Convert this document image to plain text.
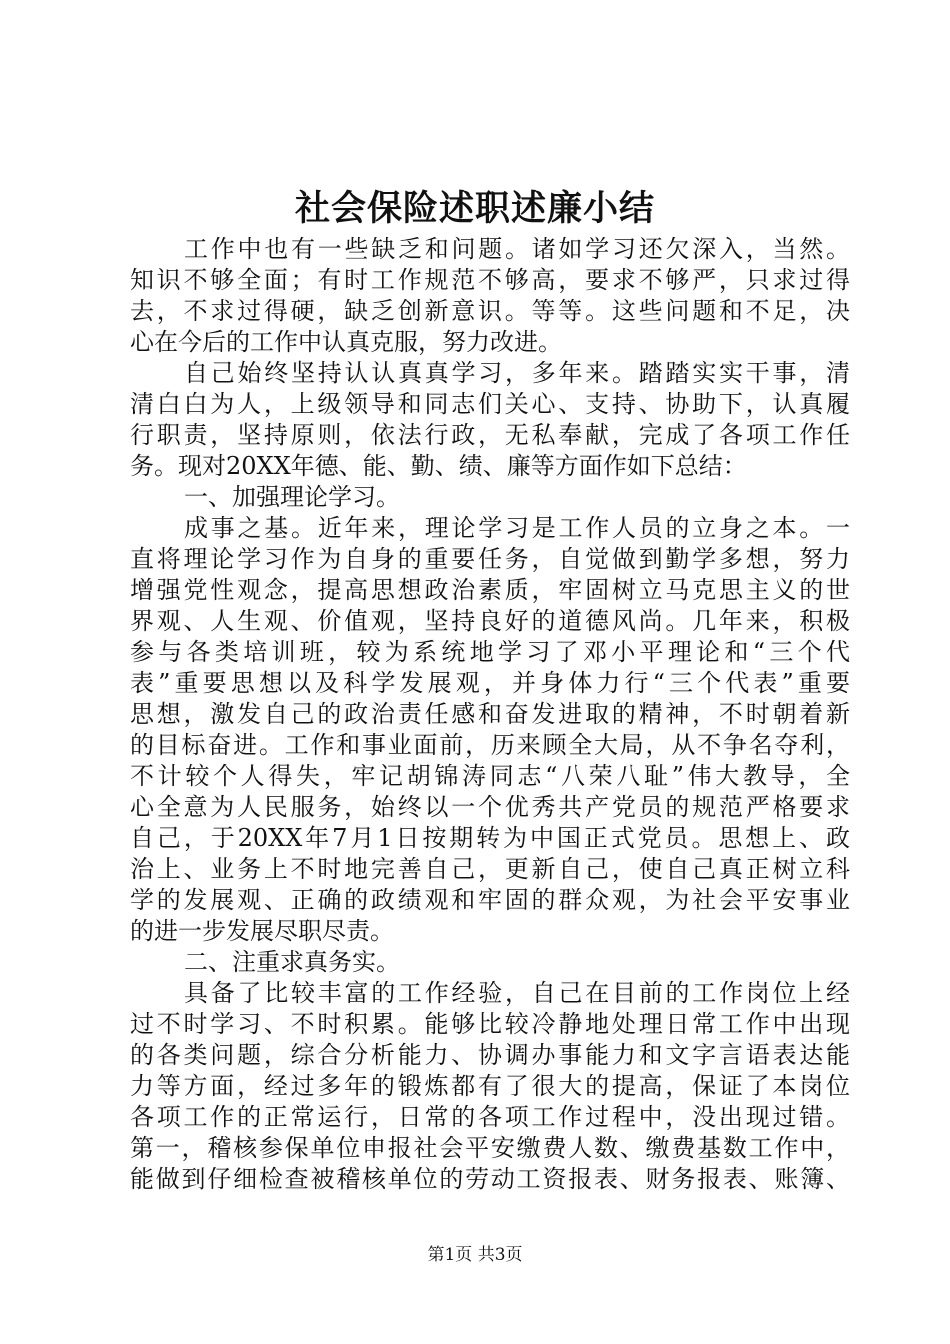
社会保险述职述廉小结
工作中也有一些缺乏和问题。诸如学习还欠深入，当然。
知识不够全面；有时工作规范不够高，要求不够严，只求过得
去，不求过得硬，缺乏创新意识。等等。这些问题和不足，决
心在今后的工作中认真克服，努力改进。
自己始终坚持认认真真学习，多年来。踏踏实实干事，清
清白白为人，上级领导和同志们关心、支持、协助下，认真履
行职责，坚持原则，依法行政，无私奉献，完成了各项工作任
务。现对20XX年德、能、勤、绩、廉等方面作如下总结：
一、加强理论学习。
成事之基。近年来，理论学习是工作人员的立身之本。一
直将理论学习作为自身的重要任务，自觉做到勤学多想，努力
增强党性观念，提高思想政治素质，牢固树立马克思主义的世
界观、人生观、价值观，坚持良好的道德风尚。几年来，积极
参与各类培训班，较为系统地学习了邓小平理论和“三个代
表”重要思想以及科学发展观，并身体力行“三个代表”重要
思想，激发自己的政治责任感和奋发进取的精神，不时朝着新
的目标奋进。工作和事业面前，历来顾全大局，从不争名夺利，
不计较个人得失，牢记胡锦涛同志“八荣八耻”伟大教导，全
心全意为人民服务，始终以一个优秀共产党员的规范严格要求
自己，于20XX年7月1日按期转为中国正式党员。思想上、政
治上、业务上不时地完善自己，更新自己，使自己真正树立科
学的发展观、正确的政绩观和牢固的群众观，为社会平安事业
的进一步发展尽职尽责。
二、注重求真务实。
具备了比较丰富的工作经验，自己在目前的工作岗位上经
过不时学习、不时积累。能够比较冷静地处理日常工作中出现
的各类问题，综合分析能力、协调办事能力和文字言语表达能
力等方面，经过多年的锻炼都有了很大的提高，保证了本岗位
各项工作的正常运行，日常的各项工作过程中，没出现过错。
第一，稽核参保单位申报社会平安缴费人数、缴费基数工作中，
能做到仔细检查被稽核单位的劳动工资报表、财务报表、账簿、

第1页 共3页
